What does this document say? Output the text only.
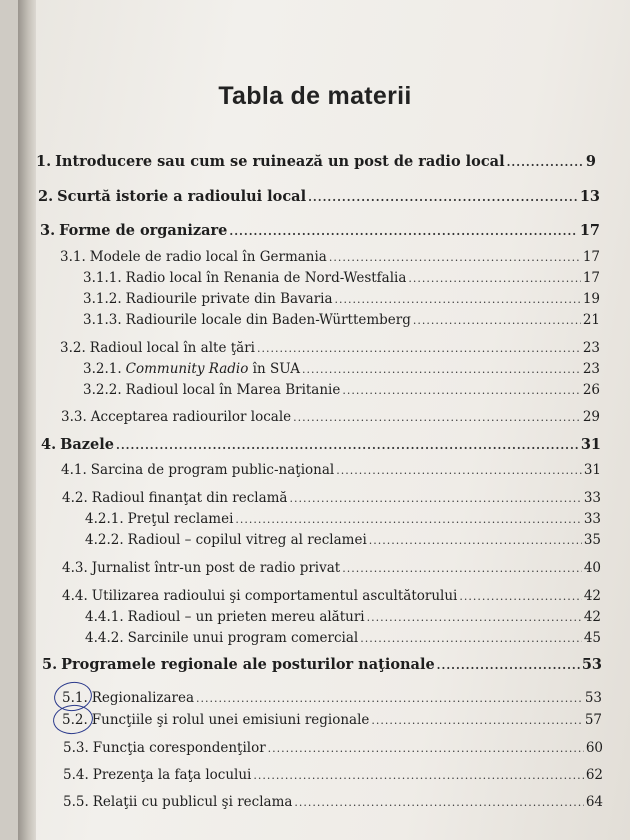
Tabla de materii
1. Introducere sau cum se ruinează un post de radio local .....	9
2. Scurtă istorie a radioului local .....	13
3. Forme de organizare .....	17
3.1. Modele de radio local în Germania .....	17
3.1.1. Radio local în Renania de Nord-Westfalia .....	17
3.1.2. Radiourile private din Bavaria .....	19
3.1.3. Radiourile locale din Baden-Württemberg .....	21
3.2. Radioul local în alte ţări .....	23
3.2.1. Community Radio în SUA .....	23
3.2.2. Radioul local în Marea Britanie .....	26
3.3. Acceptarea radiourilor locale .....	29
4. Bazele .....	31
4.1. Sarcina de program public-naţional .....	31
4.2. Radioul finanţat din reclamă .....	33
4.2.1. Preţul reclamei .....	33
4.2.2. Radioul – copilul vitreg al reclamei .....	35
4.3. Jurnalist într-un post de radio privat .....	40
4.4. Utilizarea radioului şi comportamentul ascultătorului .....	42
4.4.1. Radioul – un prieten mereu alături .....	42
4.4.2. Sarcinile unui program comercial .....	45
5. Programele regionale ale posturilor naţionale .....	53
5.1. Regionalizarea .....	53
5.2. Funcţiile şi rolul unei emisiuni regionale .....	57
5.3. Funcţia corespondenţilor .....	60
5.4. Prezenţa la faţa locului .....	62
5.5. Relaţii cu publicul şi reclama .....	64
